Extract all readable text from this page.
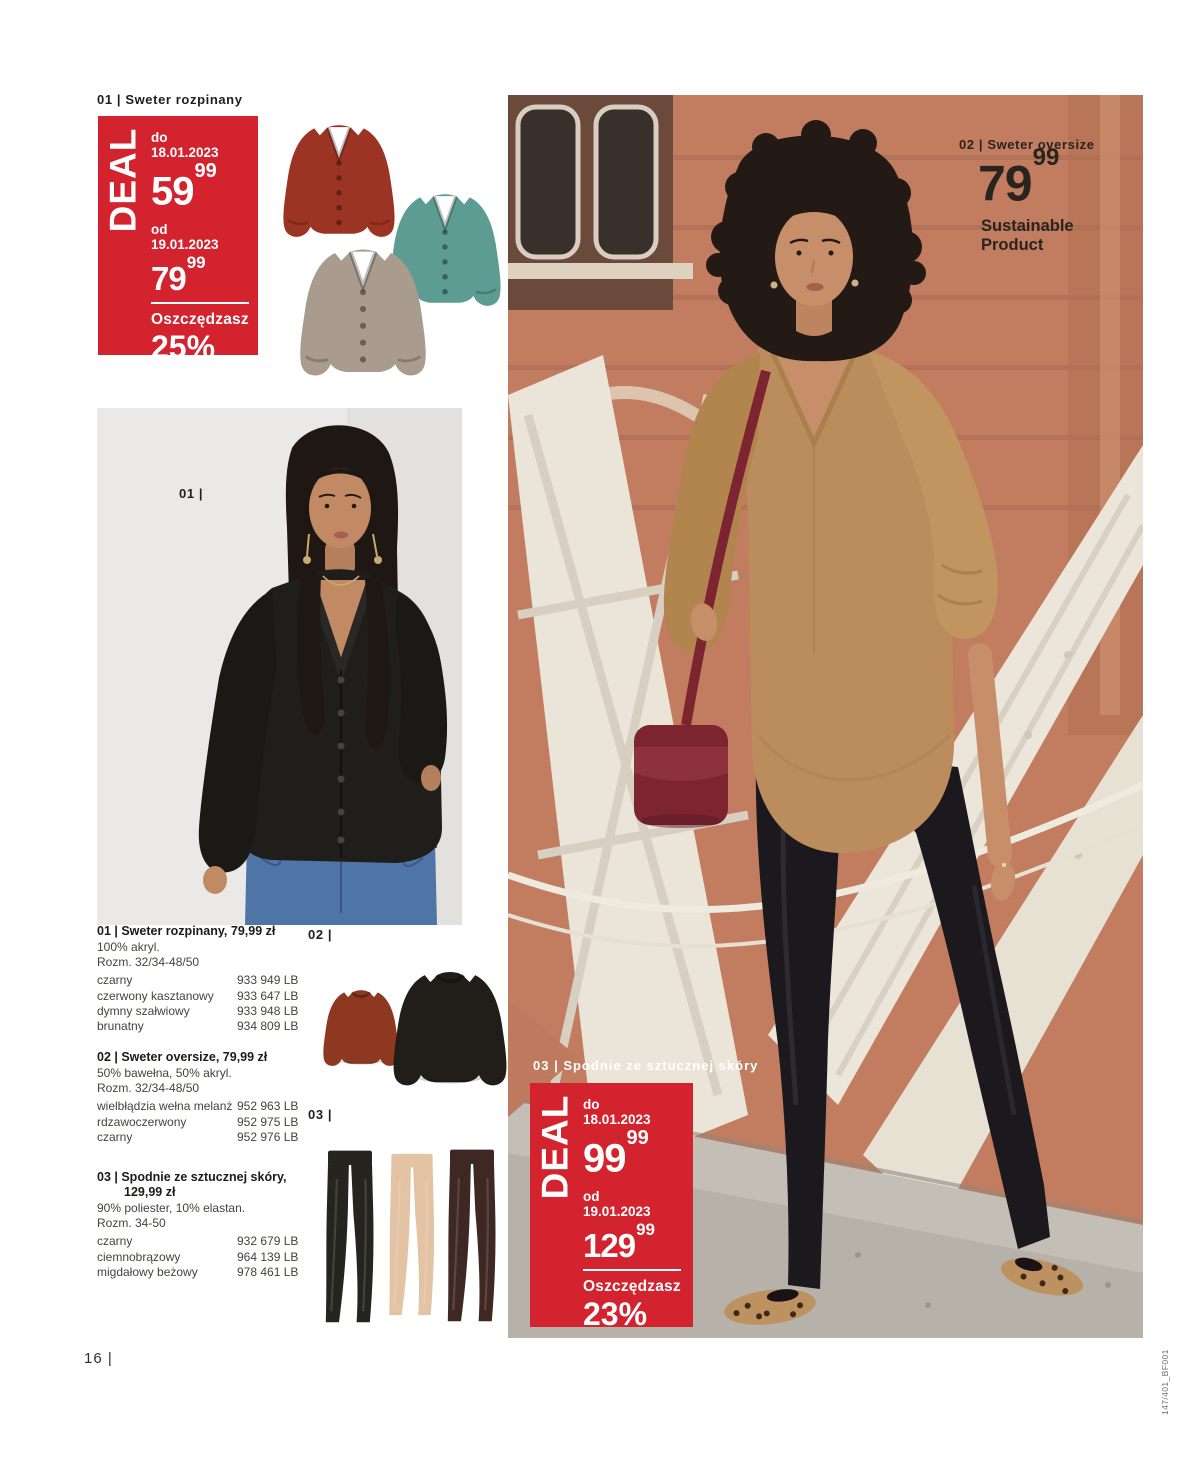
01 | Sweter rozpinany
DEAL do
18.01.2023
$59^{99}$
od
19.01.2023
$79^{99}$
Oszczędzasz
25%
01 |
02 | Sweter oversize
$79^{99}$
Sustainable
Product
03 | Spodnie ze sztucznej skóry
DEAL do
18.01.2023
$99^{99}$
od
19.01.2023
$129^{99}$
Oszczędzasz
23%
01 | Sweter rozpinany, 79,99 zł
100% akryl.
Rozm. 32/34-48/50
czarny	933 949 LB
czerwony kasztanowy	933 647 LB
dymny szałwiowy	933 948 LB
brunatny	934 809 LB
02 | Sweter oversize, 79,99 zł
50% bawełna, 50% akryl.
Rozm. 32/34-48/50
wielbłądzia wełna melanż 952 963 LB
rdzawoczerwony	952 975 LB
czarny	952 976 LB
03 | Spodnie ze sztucznej skóry, 129,99 zł
90% poliester, 10% elastan.
Rozm. 34-50
czarny	932 679 LB
ciemnobrązowy	964 139 LB
migdałowy beżowy	978 461 LB
02 |
03 |
16 |	147/401_BF001
